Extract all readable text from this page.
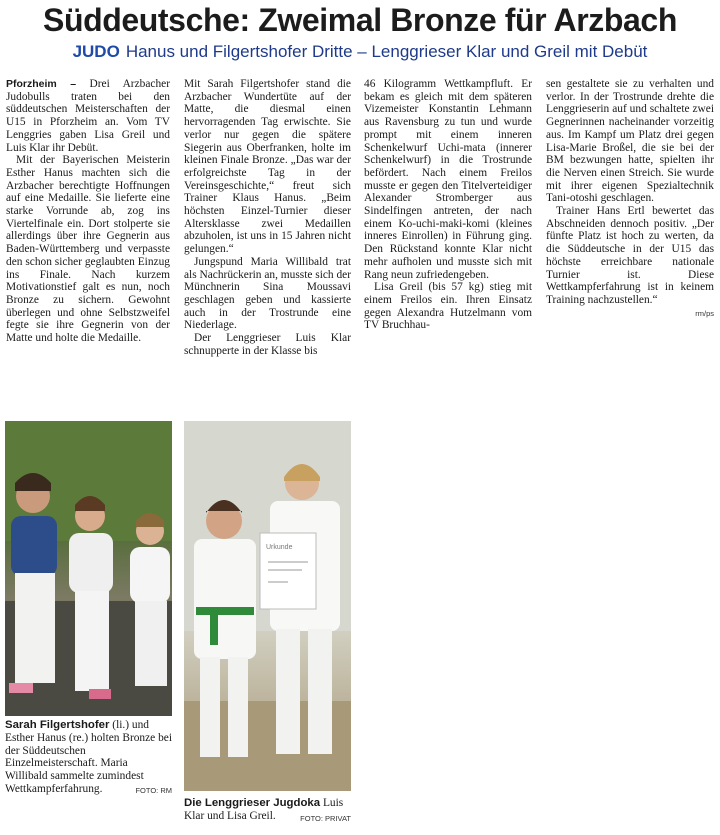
Süddeutsche: Zweimal Bronze für Arzbach
JUDO Hanus und Filgertshofer Dritte – Lenggrieser Klar und Greil mit Debüt

Pforzheim – Drei Arzbacher Judobulls traten bei den süddeutschen Meisterschaften der U15 in Pforzheim an. Vom TV Lenggries gaben Lisa Greil und Luis Klar ihr Debüt.

Mit der Bayerischen Meisterin Esther Hanus machten sich die Arzbacher berechtigte Hoffnungen auf eine Medaille. Sie lieferte eine starke Vorrunde ab, zog ins Viertelfinale ein. Dort stolperte sie allerdings über ihre Gegnerin aus Baden-Württemberg und verpasste den schon sicher geglaubten Einzug ins Finale. Nach kurzem Motivationstief galt es nun, noch Bronze zu sichern. Gewohnt überlegen und ohne Selbstzweifel fegte sie ihre Gegnerin von der Matte und holte die Medaille.

Mit Sarah Filgertshofer stand die Arzbacher Wundertüte auf der Matte, die diesmal einen hervorragenden Tag erwischte. Sie verlor nur gegen die spätere Siegerin aus Oberfranken, holte im kleinen Finale Bronze. „Das war der erfolgreichste Tag in der Vereinsgeschichte,“ freut sich Trainer Klaus Hanus. „Beim höchsten Einzel-Turnier dieser Altersklasse zwei Medaillen abzuholen, ist uns in 15 Jahren nicht gelungen.“

Jungspund Maria Willibald trat als Nachrückerin an, musste sich der Münchnerin Sina Moussavi geschlagen geben und kassierte auch in der Trostrunde eine Niederlage.

Der Lenggrieser Luis Klar schnupperte in der Klasse bis

46 Kilogramm Wettkampfluft. Er bekam es gleich mit dem späteren Vizemeister Konstantin Lehmann aus Ravensburg zu tun und wurde prompt mit einem inneren Schenkelwurf Uchi-mata (innerer Schenkelwurf) in die Trostrunde befördert. Nach einem Freilos musste er gegen den Titelverteidiger Alexander Stromberger aus Sindelfingen antreten, der nach einem Ko-uchi-maki-komi (kleines inneres Einrollen) in Führung ging. Den Rückstand konnte Klar nicht mehr aufholen und musste sich mit Rang neun zufriedengeben.

Lisa Greil (bis 57 kg) stieg mit einem Freilos ein. Ihren Einsatz gegen Alexandra Hutzelmann vom TV Bruchhau-

sen gestaltete sie zu verhalten und verlor. In der Trostrunde drehte die Lenggrieserin auf und schaltete zwei Gegnerinnen nacheinander vorzeitig aus. Im Kampf um Platz drei gegen Lisa-Marie Broßel, die sie bei der BM bezwungen hatte, spielten ihr die Nerven einen Streich. Sie wurde mit ihrer eigenen Spezialtechnik Tani-otoshi geschlagen.

Trainer Hans Ertl bewertet das Abschneiden dennoch positiv. „Der fünfte Platz ist hoch zu werten, da die Süddeutsche in der U15 das höchste erreichbare nationale Turnier ist. Diese Wettkampferfahrung ist in keinem Training nachzustellen.“

rm/ps
Urkunde
Sarah Filgertshofer (li.) und Esther Hanus (re.) holten Bronze bei der Süddeutschen Einzelmeisterschaft. Maria Willibald sammelte zumindest Wettkampferfahrung.	FOTO: RM
Die Lenggrieser Jugdoka Luis Klar und Lisa Greil.	FOTO: PRIVAT
